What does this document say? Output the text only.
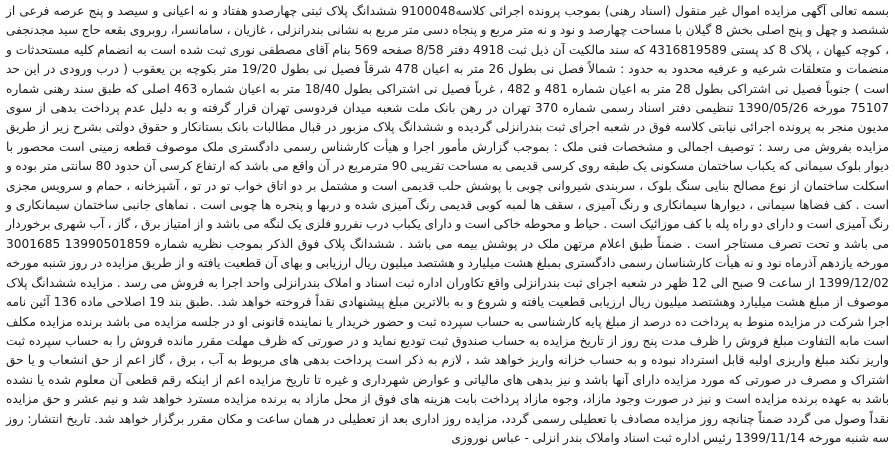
بسمه تعالی آگهی مزایده اموال غیر منقول (اسناد رهنی) بموجب پرونده اجرائی کلاسه9100048 ششدانگ پلاک ثبتی چهارصدو هفتاد و نه اعیانی و سیصد و پنج عرصه فرعی از ششصد و چهل و پنج اصلی بخش 8 گیلان با مساحت چهارصد و نود و نه متر مربع و پنجاه دسی متر مربع به نشانی بندرانزلی ، غازیان ، سامانسرا، روبروی بقعه حاج سید مجدنجفی ، کوچه کیهان ، پلاک 8 کد پستی 4316819589 که سند مالکیت آن ذیل ثبت 4918 دفتر 8/58 صفحه 569 بنام آقای مصطفی نوری ثبت شده است به انضمام کلیه مستحدثات و منضمات و متعلقات شرعیه و عرفیه محدود به حدود : شمالاً فصل نی بطول 26 متر به اعیان 478 شرقاً فصیل نی بطول 19/20 متر بکوچه بن یعقوب ( درب ورودی در این حد است ) جنوباً فصیل نی اشتراکی بطول 28 متر به اعیان شماره 481 و 482 ، غرباً فصیل نی اشتراکی بطول 18/40 متر به اعیان شماره 463 اصلی که طبق سند رهنی شماره 75107 مورخه 1390/05/26 تنظیمی دفتر اسناد رسمی شماره 370 تهران در رهن بانک ملت شعبه میدان فردوسی تهران قرار گرفته و به دلیل عدم پرداخت بدهی از سوی مدیون منجر به پرونده اجرائی نیابتی کلاسه فوق در شعبه اجرای ثبت بندرانزلی گردیده و ششدانگ پلاک مزبور در قبال مطالبات بانک بستانکار و حقوق دولتی بشرح زیر از طریق مزایده بفروش می رسد : توصیف اجمالی و مشخصات فنی ملک : بموجب گزارش مأمور اجرا و هیأت کارشناس رسمی دادگستری ملک موصوف قطعه زمینی است محصور با دیوار بلوک سیمانی که یکباب ساختمان مسکونی یک طبقه روی کرسی قدیمی به مساحت تقریبی 90 مترمربع در آن واقع می باشد که ارتفاع کرسی آن حدود 80 سانتی متر بوده و اسکلت ساختمان از نوع مصالح بنایی سنگ بلوک ، سربندی شیروانی چوبی با پوشش حلب قدیمی است و مشتمل بر دو اتاق خواب تو در تو ، آشپزخانه ، حمام و سرویس مجزی است . کف فضاها سیمانی ، دیوارها سیمانکاری و رنگ آمیزی ، سقف ها لمبه کوبی قدیمی رنگ آمیزی شده و دربها و پنجره ها چوبی است . نماهای جانبی ساختمان سیمانکاری و رنگ آمیزی است و دارای دو راه پله با کف موزائیک است . حیاط و محوطه خاکی است و دارای یکباب درب نفررو فلزی یک لنگه می باشد و از امتیاز برق ، گاز ، آب شهری برخوردار می باشد و تحت تصرف مستاجر است . ضمناً طبق اعلام مرتهن ملک در پوشش بیمه می باشد . ششدانگ پلاک فوق الذکر بموجب نظریه شماره 13990501859 3001685 مورخه یازدهم آذرماه نود و نه هیأت کارشناسان رسمی دادگستری بمبلغ هشت میلیارد و هشتصد میلیون ریال ارزیابی و بهای آن قطعیت یافته و از طریق مزایده در روز شنبه مورخه 1399/12/02 از ساعت 9 صبح الی 12 ظهر در شعبه اجرای ثبت بندرانزلی واقع تکاوران اداره ثبت اسناد و املاک بندرانزلی واحد اجرا به فروش می رسد . مزایده ششدانگ پلاک موصوف از مبلغ هشت میلیارد وهشتصد میلیون ریال ارزیابی قطعیت یافته و شروع و به بالاترین مبلغ پیشنهادی نقداً فروخته خواهد شد. .طبق بند 19 اصلاحی ماده 136 آئین نامه اجرا شرکت در مزایده منوط به پرداخت ده درصد از مبلغ پایه کارشناسی به حساب سپرده ثبت و حضور خریدار یا نماینده قانونی او در جلسه مزایده می باشد برنده مزایده مکلف است مابه التفاوت مبلغ فروش را ظرف مدت پنج روز از تاریخ مزایده به حساب صندوق ثبت تودیع نماید و در صورتی که ظرف مهلت مقرر مانده فروش را به حساب سپرده ثبت واریز نکند مبلغ واریزی اولیه قابل استرداد نبوده و به حساب خزانه واریز خواهد شد ، لازم به ذکر است پرداخت بدهی های مربوط به آب ، برق ، گاز اعم از حق انشعاب و یا حق اشتراک و مصرف در صورتی که مورد مزایده دارای آنها باشد و نیز بدهی های مالیاتی و عوارض شهرداری و غیره تا تاریخ مزایده اعم از اینکه رقم قطعی آن معلوم شده یا نشده باشد به عهده برنده مزایده است و نیز در صورت وجود مازاد، وجوه مازاد پرداخت بابت هزینه های فوق از محل مازاد به برنده مزایده مسترد خواهد شد و نیم عشر و حق مزایده نقداً وصول می گردد ضمناً چنانچه روز مزایده مصادف با تعطیلی رسمی گردد، مزایده روز اداری بعد از تعطیلی در همان ساعت و مکان مقرر برگزار خواهد شد. تاریخ انتشار: روز سه شنبه مورخه 1399/11/14 رئیس اداره ثبت اسناد واملاک بندر انزلی - عباس نوروزی
